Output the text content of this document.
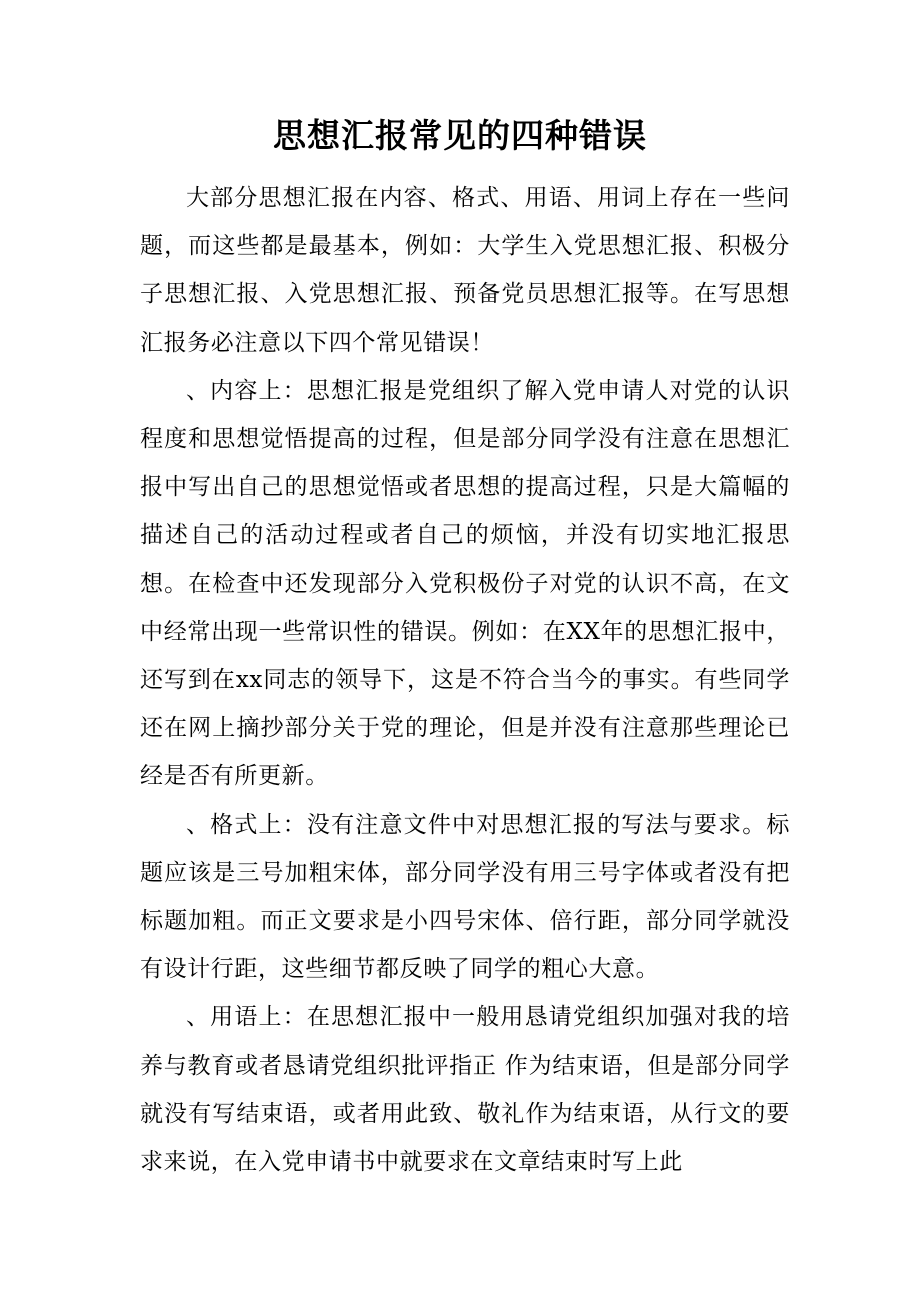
思想汇报常见的四种错误

大部分思想汇报在内容、格式、用语、用词上存在一些问题，而这些都是最基本，例如：大学生入党思想汇报、积极分子思想汇报、入党思想汇报、预备党员思想汇报等。在写思想汇报务必注意以下四个常见错误！

、内容上：思想汇报是党组织了解入党申请人对党的认识程度和思想觉悟提高的过程，但是部分同学没有注意在思想汇报中写出自己的思想觉悟或者思想的提高过程，只是大篇幅的描述自己的活动过程或者自己的烦恼，并没有切实地汇报思想。在检查中还发现部分入党积极份子对党的认识不高，在文中经常出现一些常识性的错误。例如：在XX年的思想汇报中，还写到在xx同志的领导下，这是不符合当今的事实。有些同学还在网上摘抄部分关于党的理论，但是并没有注意那些理论已经是否有所更新。

、格式上：没有注意文件中对思想汇报的写法与要求。标题应该是三号加粗宋体，部分同学没有用三号字体或者没有把标题加粗。而正文要求是小四号宋体、倍行距，部分同学就没有设计行距，这些细节都反映了同学的粗心大意。

、用语上：在思想汇报中一般用恳请党组织加强对我的培养与教育或者恳请党组织批评指正 作为结束语，但是部分同学就没有写结束语，或者用此致、敬礼作为结束语，从行文的要求来说，在入党申请书中就要求在文章结束时写上此
